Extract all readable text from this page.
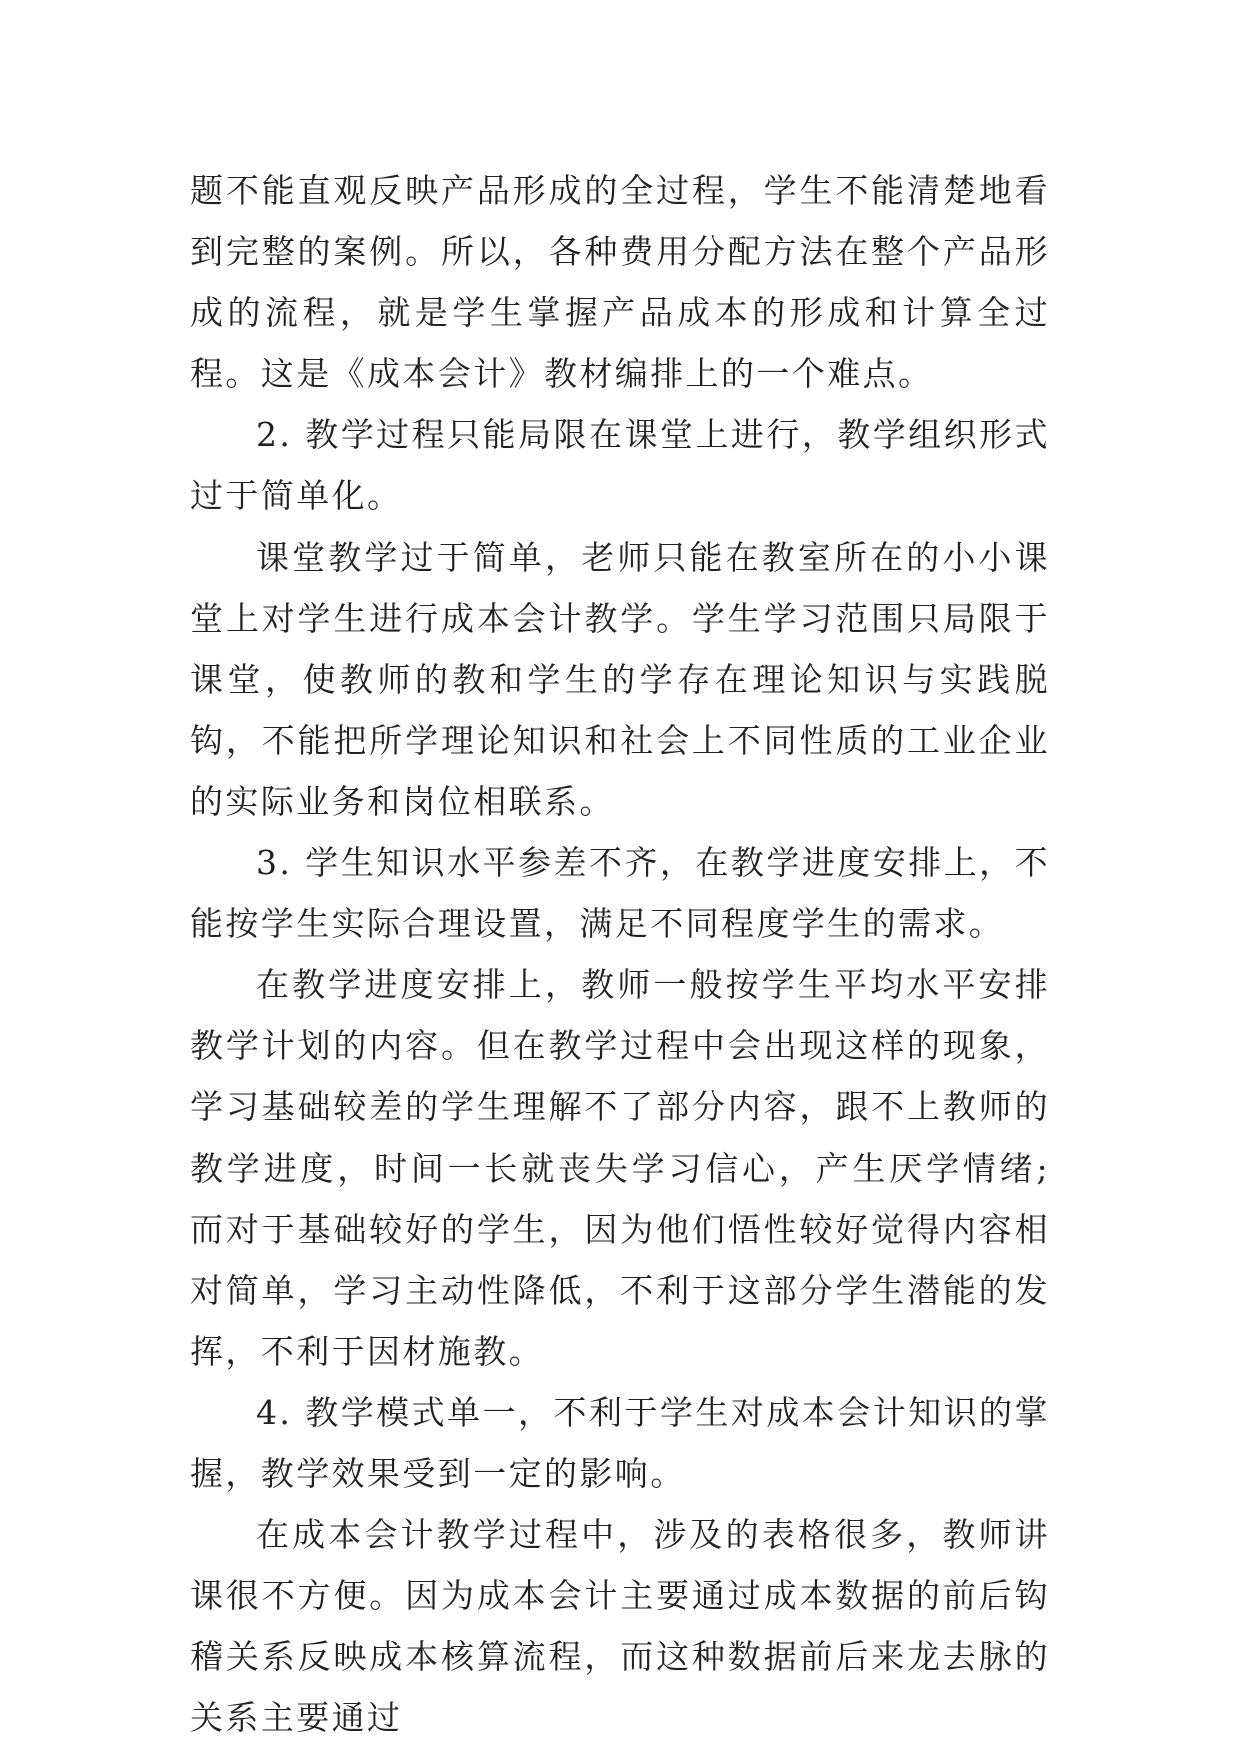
题不能直观反映产品形成的全过程，学生不能清楚地看到完整的案例。所以，各种费用分配方法在整个产品形成的流程，就是学生掌握产品成本的形成和计算全过程。这是《成本会计》教材编排上的一个难点。

2. 教学过程只能局限在课堂上进行，教学组织形式过于简单化。

课堂教学过于简单，老师只能在教室所在的小小课堂上对学生进行成本会计教学。学生学习范围只局限于课堂，使教师的教和学生的学存在理论知识与实践脱钩，不能把所学理论知识和社会上不同性质的工业企业的实际业务和岗位相联系。

3. 学生知识水平参差不齐，在教学进度安排上，不能按学生实际合理设置，满足不同程度学生的需求。

在教学进度安排上，教师一般按学生平均水平安排教学计划的内容。但在教学过程中会出现这样的现象，学习基础较差的学生理解不了部分内容，跟不上教师的教学进度，时间一长就丧失学习信心，产生厌学情绪;而对于基础较好的学生，因为他们悟性较好觉得内容相对简单，学习主动性降低，不利于这部分学生潜能的发挥，不利于因材施教。

4. 教学模式单一，不利于学生对成本会计知识的掌握，教学效果受到一定的影响。

在成本会计教学过程中，涉及的表格很多，教师讲课很不方便。因为成本会计主要通过成本数据的前后钩稽关系反映成本核算流程，而这种数据前后来龙去脉的关系主要通过
